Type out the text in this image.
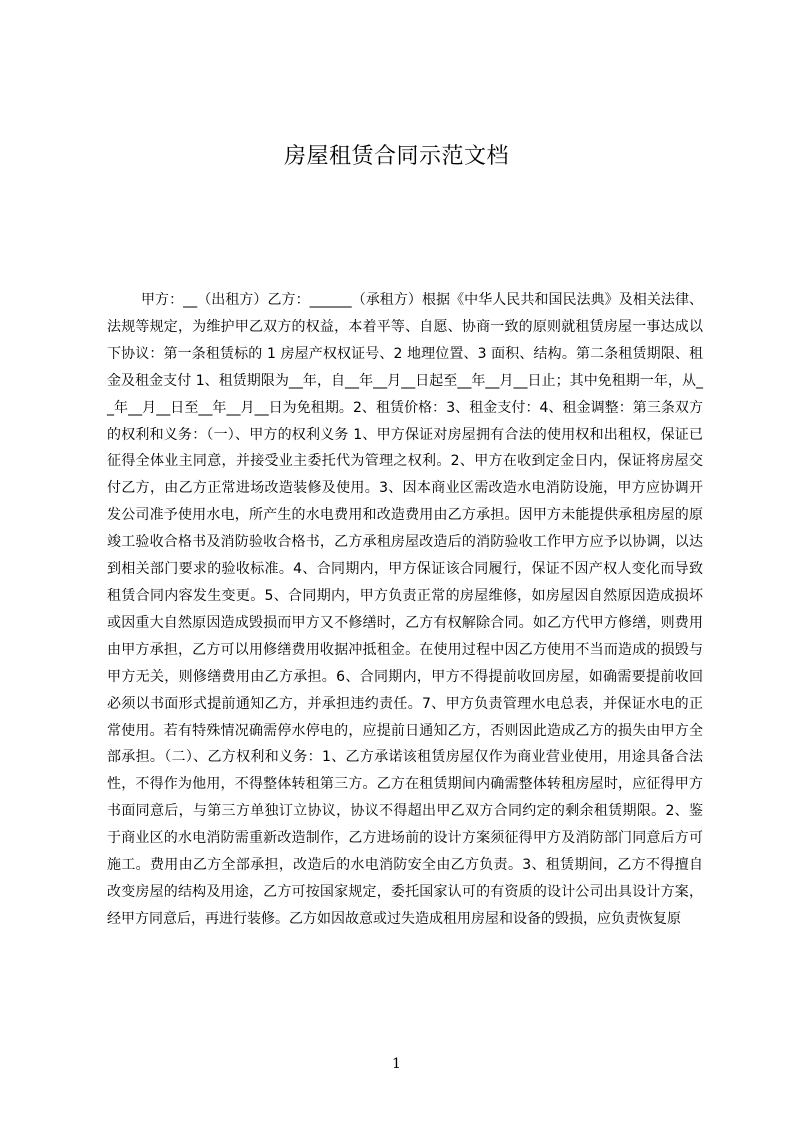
房屋租赁合同示范文档

甲方：__（出租方）乙方：______（承租方）根据《中华人民共和国民法典》及相关法律、法规等规定，为维护甲乙双方的权益，本着平等、自愿、协商一致的原则就租赁房屋一事达成以下协议：第一条租赁标的 1 房屋产权权证号、2 地理位置、3 面积、结构。第二条租赁期限、租金及租金支付 1、租赁期限为__年，自__年__月__日起至__年__月__日止；其中免租期一年，从__年__月__日至__年__月__日为免租期。2、租赁价格：3、租金支付：4、租金调整：第三条双方的权利和义务：（一）、甲方的权利义务 1、甲方保证对房屋拥有合法的使用权和出租权，保证已征得全体业主同意，并接受业主委托代为管理之权利。2、甲方在收到定金日内，保证将房屋交付乙方，由乙方正常进场改造装修及使用。3、因本商业区需改造水电消防设施，甲方应协调开发公司准予使用水电，所产生的水电费用和改造费用由乙方承担。因甲方未能提供承租房屋的原竣工验收合格书及消防验收合格书，乙方承租房屋改造后的消防验收工作甲方应予以协调，以达到相关部门要求的验收标准。4、合同期内，甲方保证该合同履行，保证不因产权人变化而导致租赁合同内容发生变更。5、合同期内，甲方负责正常的房屋维修，如房屋因自然原因造成损坏或因重大自然原因造成毁损而甲方又不修缮时，乙方有权解除合同。如乙方代甲方修缮，则费用由甲方承担，乙方可以用修缮费用收据冲抵租金。在使用过程中因乙方使用不当而造成的损毁与甲方无关，则修缮费用由乙方承担。6、合同期内，甲方不得提前收回房屋，如确需要提前收回必须以书面形式提前通知乙方，并承担违约责任。7、甲方负责管理水电总表，并保证水电的正常使用。若有特殊情况确需停水停电的，应提前日通知乙方，否则因此造成乙方的损失由甲方全部承担。（二）、乙方权利和义务：1、乙方承诺该租赁房屋仅作为商业营业使用，用途具备合法性，不得作为他用，不得整体转租第三方。乙方在租赁期间内确需整体转租房屋时，应征得甲方书面同意后，与第三方单独订立协议，协议不得超出甲乙双方合同约定的剩余租赁期限。2、鉴于商业区的水电消防需重新改造制作，乙方进场前的设计方案须征得甲方及消防部门同意后方可施工。费用由乙方全部承担，改造后的水电消防安全由乙方负责。3、租赁期间，乙方不得擅自改变房屋的结构及用途，乙方可按国家规定，委托国家认可的有资质的设计公司出具设计方案，经甲方同意后，再进行装修。乙方如因故意或过失造成租用房屋和设备的毁损，应负责恢复原

1
